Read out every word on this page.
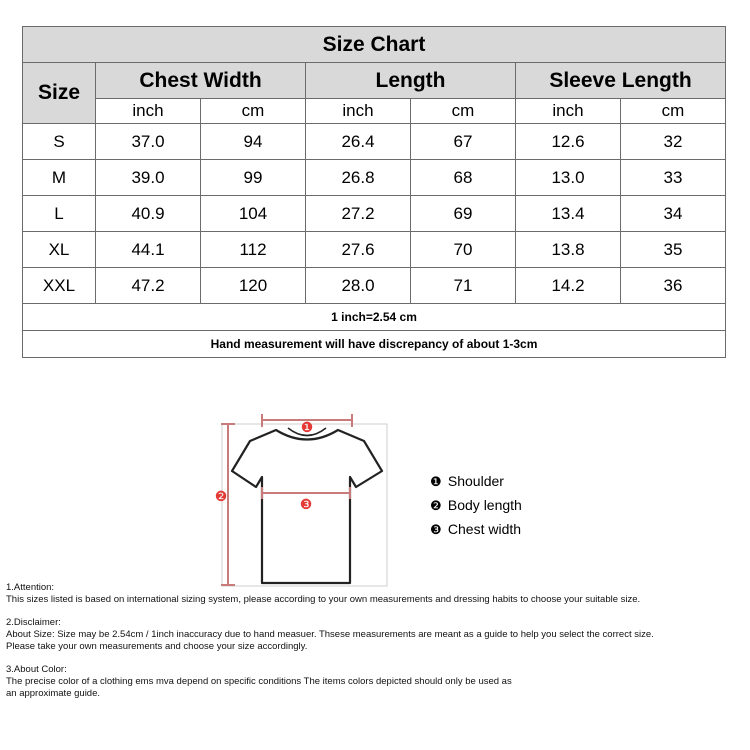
Size Chart						
Size	Chest Width		Length		Sleeve Length	
	inch	cm	inch	cm	inch	cm
S	37.0	94	26.4	67	12.6	32
M	39.0	99	26.8	68	13.0	33
L	40.9	104	27.2	69	13.4	34
XL	44.1	112	27.6	70	13.8	35
XXL	47.2	120	28.0	71	14.2	36
1 inch=2.54 cm						
Hand measurement will have discrepancy of about 1-3cm						
❶
❷	❸
❶ Shoulder
❷ Body length
❸ Chest width

1.Attention:

This sizes listed is based on international sizing system, please according to your own measurements and dressing habits to choose your suitable size.

2.Disclaimer:

About Size: Size may be 2.54cm / 1inch inaccuracy due to hand measuer. Thsese measurements are meant as a guide to help you select the correct size.

Please take your own measurements and choose your size accordingly.

3.About Color:

The precise color of a clothing ems mva depend on specific conditions The items colors depicted should only be used as

an approximate guide.
